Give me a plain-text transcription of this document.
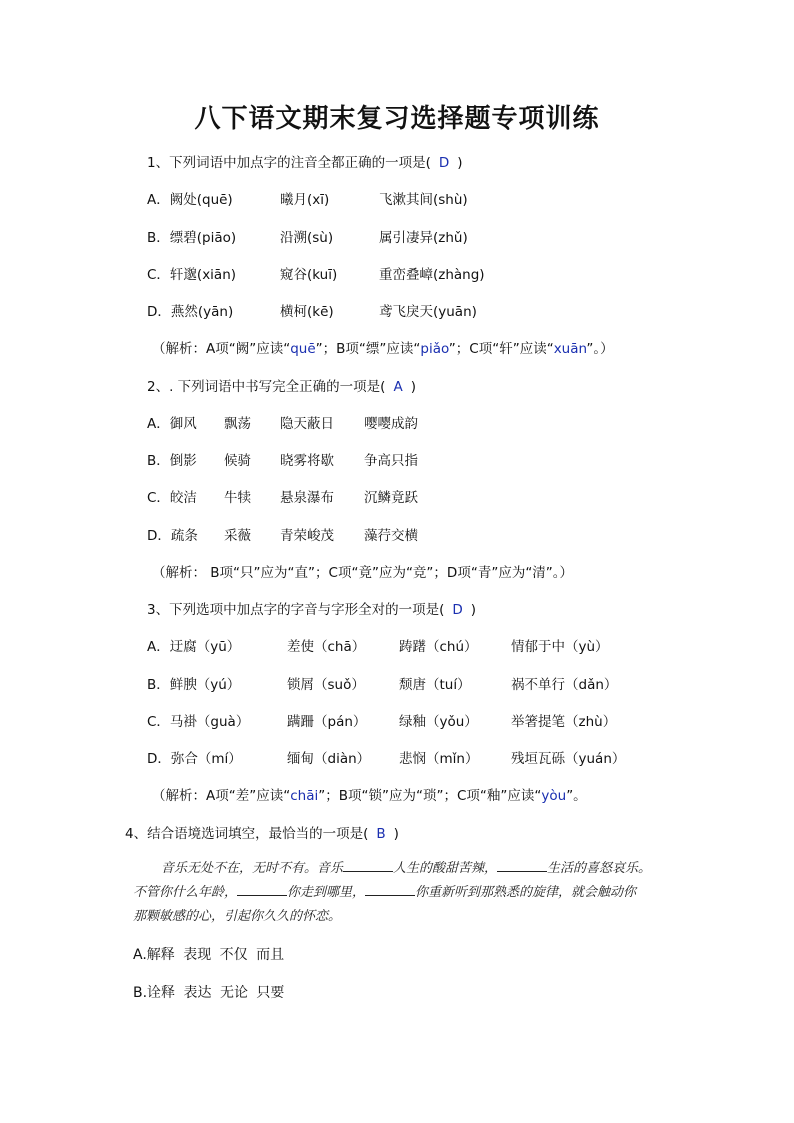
八下语文期末复习选择题专项训练
1、下列词语中加点字的注音全都正确的一项是( D )
A．阙处(quē)	曦月(xī)	飞漱其间(shù)
B．缥碧(piāo)	沿溯(sù)	属引凄异(zhǔ)
C．轩邈(xiān)	窥谷(kuī)	重峦叠嶂(zhàng)
D．燕然(yān)	横柯(kē)	鸢飞戾天(yuān)
（解析：A项“阙”应读“quē”；B项“缥”应读“piǎo”；C项“轩”应读“xuān”。）
2、. 下列词语中书写完全正确的一项是( A )
A．御风 飘荡 隐天蔽日 嘤嘤成韵
B．倒影 候骑 晓雾将歇 争高只指
C．皎洁 牛犊 悬泉瀑布 沉鳞竟跃
D．疏条 采薇 青荣峻茂 藻荇交横
（解析： B项“只”应为“直”；C项“竟”应为“竞”；D项“青”应为“清”。）
3、下列选项中加点字的字音与字形全对的一项是( D )
A．迂腐（yū）	差使（chā） 踌躇（chú） 情郁于中（yù）
B．鲜腴（yú）	锁屑（suǒ）	颓唐（tuí）	祸不单行（dǎn）
C．马褂（guà）	蹒跚（pán） 绿釉（yǒu） 举箸提笔（zhù）
D．弥合（mí）	缅甸（diàn） 悲悯（mǐn） 残垣瓦砾（yuán）
（解析：A项“差”应读“chāi”；B项“锁”应为“琐”；C项“釉”应读“yòu”。
4、结合语境选词填空，最恰当的一项是( B )
音乐无处不在，无时不有。音乐	人生的酸甜苦辣，	生活的喜怒哀乐。
不管你什么年龄，	你走到哪里，	你重新听到那熟悉的旋律，就会触动你
那颗敏感的心，引起你久久的怀恋。
A.解释 表现 不仅 而且
B.诠释 表达 无论 只要
